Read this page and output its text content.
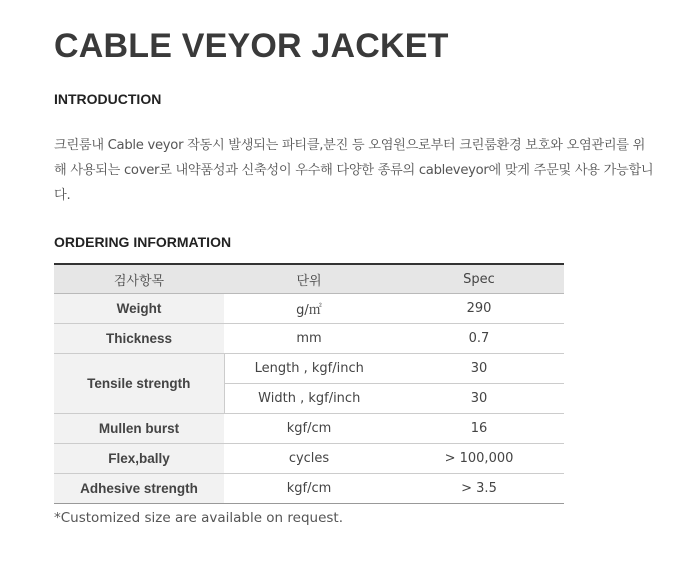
CABLE VEYOR JACKET
INTRODUCTION

크린룸내 Cable veyor 작동시 발생되는 파티클,분진 등 오염원으로부터 크린룸환경 보호와 오염관리를 위해 사용되는 cover로 내약품성과 신축성이 우수해 다양한 종류의 cableveyor에 맞게 주문및 사용 가능합니다.

ORDERING INFORMATION
검사항목	단위	Spec
Weight	g/㎡	290
Thickness	mm	0.7
Tensile strength	Length , kgf/inch	30
	Width , kgf/inch	30
Mullen burst	kgf/cm	16
Flex,bally	cycles	> 100,000
Adhesive strength	kgf/cm	> 3.5

*Customized size are available on request.
